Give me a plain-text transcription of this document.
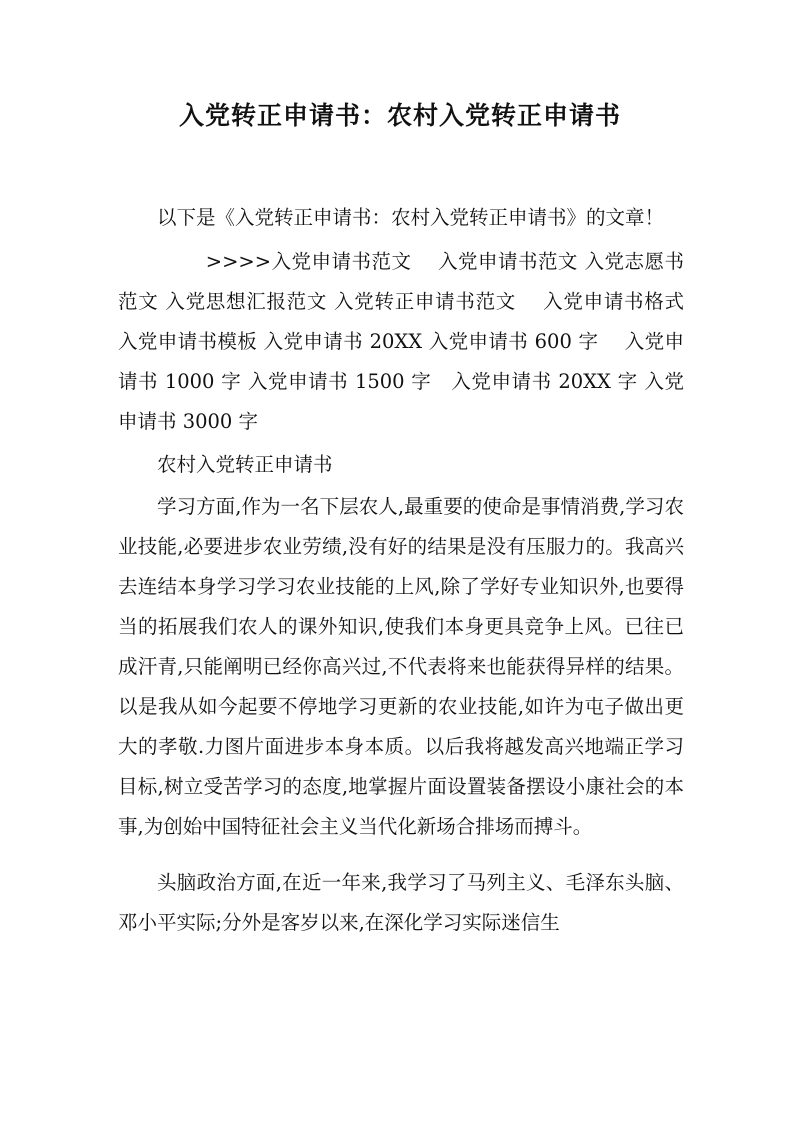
入党转正申请书：农村入党转正申请书

以下是《入党转正申请书：农村入党转正申请书》的文章！

>>>>入党申请书范文　 入党申请书范文 入党志愿书范文 入党思想汇报范文 入党转正申请书范文　 入党申请书格式 入党申请书模板 入党申请书 20XX 入党申请书 600 字　 入党申请书 1000 字 入党申请书 1500 字　入党申请书 20XX 字 入党申请书 3000 字

农村入党转正申请书

学习方面,作为一名下层农人,最重要的使命是事情消费,学习农业技能,必要进步农业劳绩,没有好的结果是没有压服力的。我高兴去连结本身学习学习农业技能的上风,除了学好专业知识外,也要得当的拓展我们农人的课外知识,使我们本身更具竞争上风。已往已成汗青,只能阐明已经你高兴过,不代表将来也能获得异样的结果。以是我从如今起要不停地学习更新的农业技能,如许为屯子做出更大的孝敬.力图片面进步本身本质。以后我将越发高兴地端正学习目标,树立受苦学习的态度,地掌握片面设置装备摆设小康社会的本事,为创始中国特征社会主义当代化新场合排场而搏斗。

头脑政治方面,在近一年来,我学习了马列主义、毛泽东头脑、邓小平实际;分外是客岁以来,在深化学习实际迷信生
